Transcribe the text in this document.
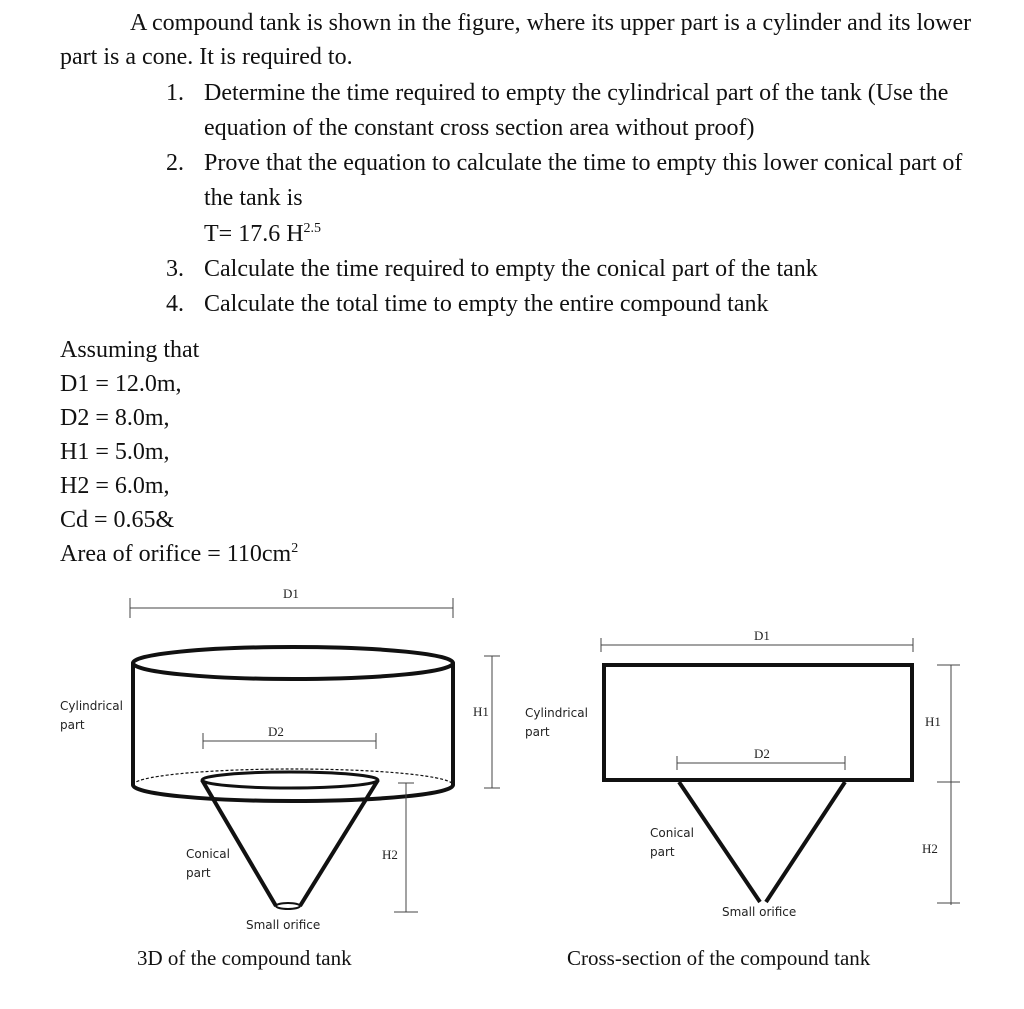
A compound tank is shown in the figure, where its upper part is a cylinder and its lower part is a cone. It is required to.

1. Determine the time required to empty the cylindrical part of the tank (Use the equation of the constant cross section area without proof)
2. Prove that the equation to calculate the time to empty this lower conical part of the tank is
T= 17.6 $H^{2.5}$
3. Calculate the time required to empty the conical part of the tank
4. Calculate the total time to empty the entire compound tank
Assuming that
D1 = 12.0m,
D2 = 8.0m,
H1 = 5.0m,
H2 = 6.0m,
Cd = 0.65&
Area of orifice = $110cm^2$
D1
D2
H1
H2
Cylindrical
part
Conical
part
Small orifice
3D of the compound tank
D1
D2
H1
H2
Cylindrical
part
Conical
part
Small orifice
Cross-section of the compound tank
